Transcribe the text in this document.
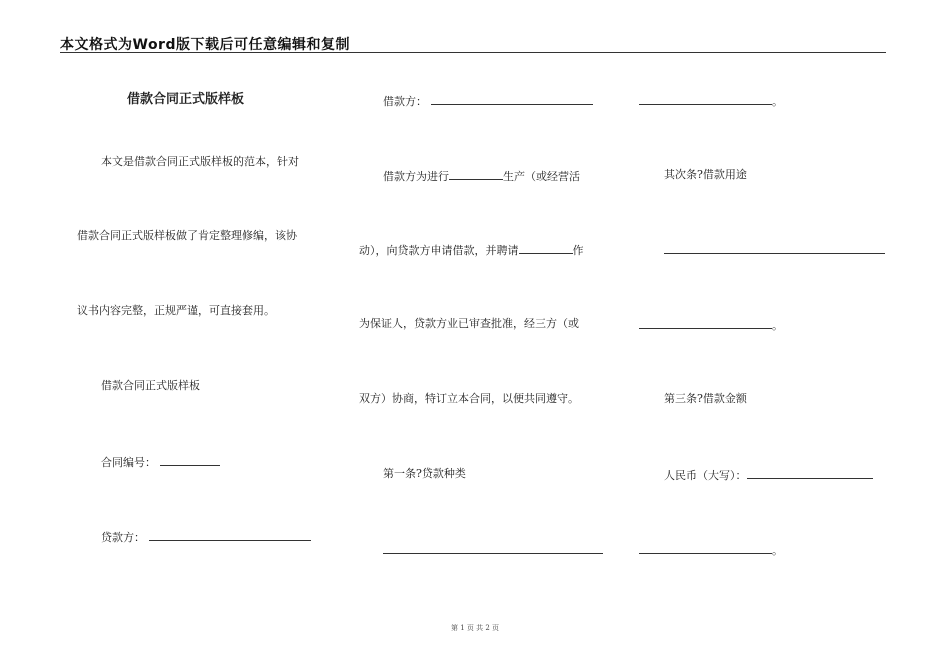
本文格式为Word版下载后可任意编辑和复制
借款合同正式版样板
本文是借款合同正式版样板的范本，针对
借款合同正式版样板做了肯定整理修编，该协
议书内容完整，正规严谨，可直接套用。
借款合同正式版样板
合同编号：
贷款方：
借款方：
借款方为进行	生产（或经营活
动），向贷款方申请借款，并聘请	作
为保证人，贷款方业已审查批准，经三方（或
双方）协商，特订立本合同，以便共同遵守。
第一条?贷款种类
。
其次条?借款用途
。
第三条?借款金额
人民币（大写）：
。
第 1 页 共 2 页
